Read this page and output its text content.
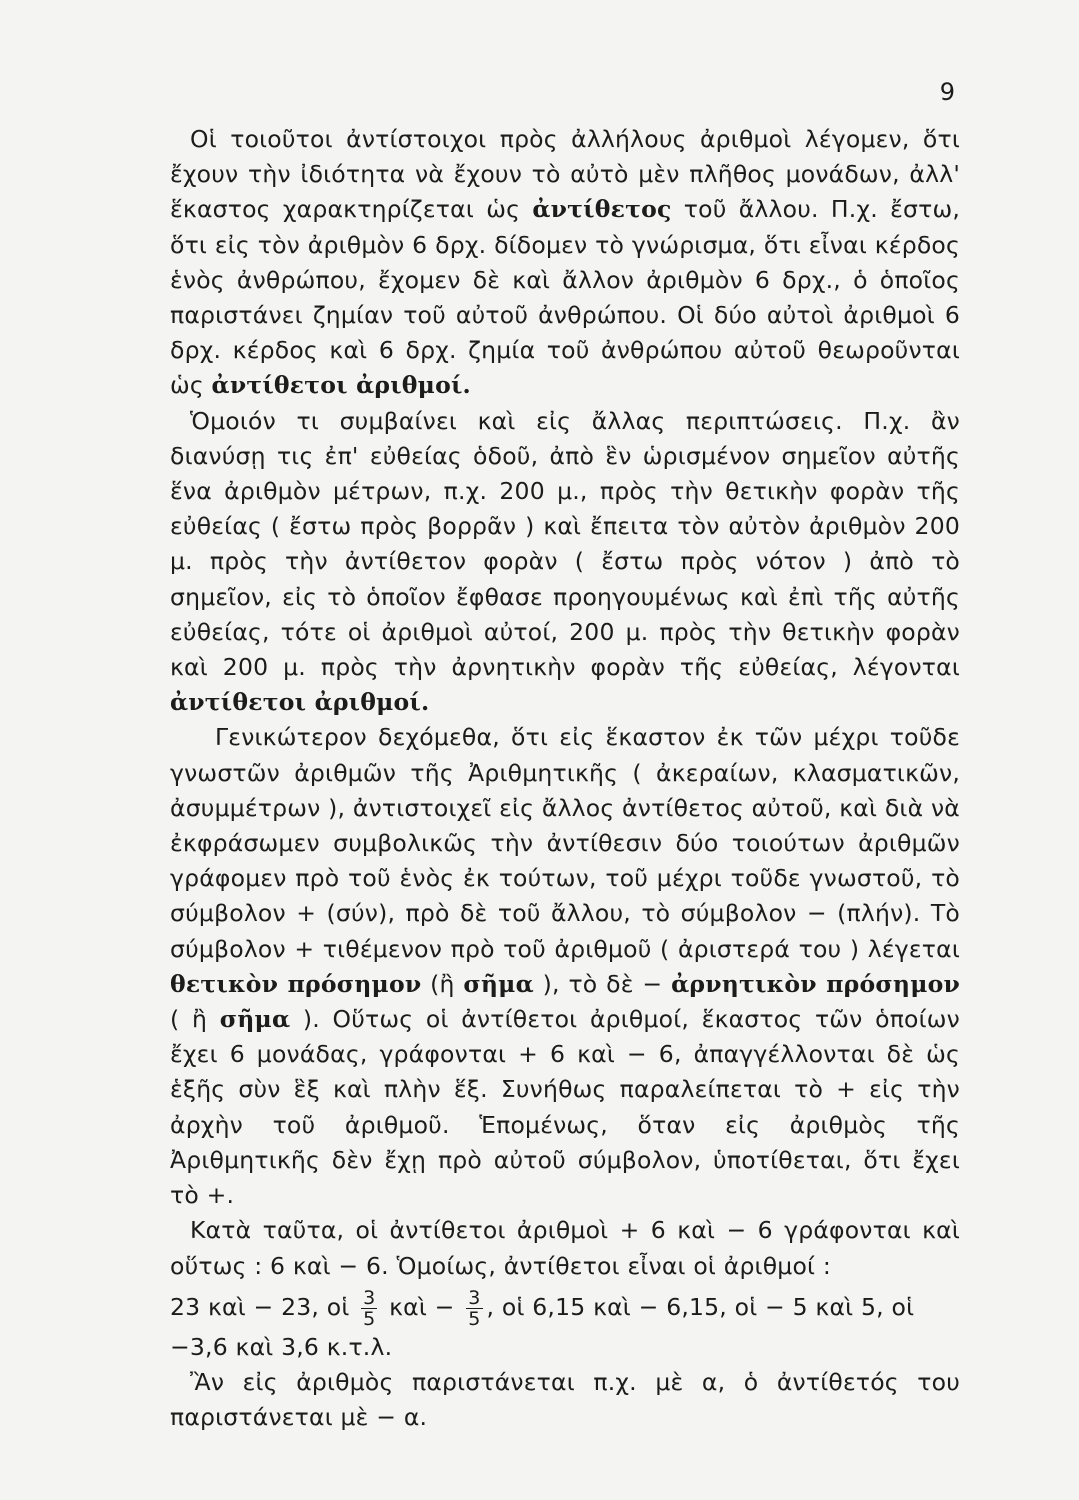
9

Οἱ τοιοῦτοι ἀντίστοιχοι πρὸς ἀλλήλους ἀριθμοὶ λέγομεν, ὅτι ἔχουν τὴν ἰδιότητα νὰ ἔχουν τὸ αὐτὸ μὲν πλῆθος μονάδων, ἀλλ' ἕκαστος χαρακτηρίζεται ὡς ἀντίθετος τοῦ ἄλλου. Π.χ. ἔστω, ὅτι εἰς τὸν ἀριθμὸν 6 δρχ. δίδομεν τὸ γνώρισμα, ὅτι εἶναι κέρδος ἑνὸς ἀνθρώπου, ἔχομεν δὲ καὶ ἄλλον ἀριθμὸν 6 δρχ., ὁ ὁποῖος παριστάνει ζημίαν τοῦ αὐτοῦ ἀνθρώπου. Οἱ δύο αὐτοὶ ἀριθμοὶ 6 δρχ. κέρδος καὶ 6 δρχ. ζημία τοῦ ἀνθρώπου αὐτοῦ θεωροῦνται ὡς ἀντίθετοι ἀριθμοί.

Ὁμοιόν τι συμβαίνει καὶ εἰς ἄλλας περιπτώσεις. Π.χ. ἂν διανύσῃ τις ἐπ' εὐθείας ὁδοῦ, ἀπὸ ἓν ὡρισμένον σημεῖον αὐτῆς ἕνα ἀριθμὸν μέτρων, π.χ. 200 μ., πρὸς τὴν θετικὴν φορὰν τῆς εὐθείας ( ἔστω πρὸς βορρᾶν ) καὶ ἔπειτα τὸν αὐτὸν ἀριθμὸν 200 μ. πρὸς τὴν ἀντίθετον φορὰν ( ἔστω πρὸς νότον ) ἀπὸ τὸ σημεῖον, εἰς τὸ ὁποῖον ἔφθασε προηγουμένως καὶ ἐπὶ τῆς αὐτῆς εὐθείας, τότε οἱ ἀριθμοὶ αὐτοί, 200 μ. πρὸς τὴν θετικὴν φορὰν καὶ 200 μ. πρὸς τὴν ἀρνητικὴν φορὰν τῆς εὐθείας, λέγονται ἀντίθετοι ἀριθμοί.

Γενικώτερον δεχόμεθα, ὅτι εἰς ἕκαστον ἐκ τῶν μέχρι τοῦδε γνωστῶν ἀριθμῶν τῆς Ἀριθμητικῆς ( ἀκεραίων, κλασματικῶν, ἀσυμμέτρων ), ἀντιστοιχεῖ εἰς ἄλλος ἀντίθετος αὐτοῦ, καὶ διὰ νὰ ἐκφράσωμεν συμβολικῶς τὴν ἀντίθεσιν δύο τοιούτων ἀριθμῶν γράφομεν πρὸ τοῦ ἑνὸς ἐκ τούτων, τοῦ μέχρι τοῦδε γνωστοῦ, τὸ σύμβολον + (σύν), πρὸ δὲ τοῦ ἄλλου, τὸ σύμβολον − (πλήν). Τὸ σύμβολον + τιθέμενον πρὸ τοῦ ἀριθμοῦ ( ἀριστερά του ) λέγεται θετικὸν πρόσημον (ἢ σῆμα ), τὸ δὲ − ἀρνητικὸν πρόσημον ( ἢ σῆμα ). Οὕτως οἱ ἀντίθετοι ἀριθμοί, ἕκαστος τῶν ὁποίων ἔχει 6 μονάδας, γράφονται + 6 καὶ − 6, ἀπαγγέλλονται δὲ ὡς ἑξῆς σὺν ἓξ καὶ πλὴν ἕξ. Συνήθως παραλείπεται τὸ + εἰς τὴν ἀρχὴν τοῦ ἀριθμοῦ. Ἑπομένως, ὅταν εἰς ἀριθμὸς τῆς Ἀριθμητικῆς δὲν ἔχῃ πρὸ αὐτοῦ σύμβολον, ὑποτίθεται, ὅτι ἔχει τὸ +.

Κατὰ ταῦτα, οἱ ἀντίθετοι ἀριθμοὶ + 6 καὶ − 6 γράφονται καὶ οὕτως : 6 καὶ − 6. Ὁμοίως, ἀντίθετοι εἶναι οἱ ἀριθμοί :

23 καὶ − 23, οἱ $\frac{3}{5}$ καὶ − $\frac{3}{5}$ , οἱ 6,15 καὶ − 6,15, οἱ − 5 καὶ 5, οἱ

−3,6 καὶ 3,6 κ.τ.λ.

Ἂν εἰς ἀριθμὸς παριστάνεται π.χ. μὲ α, ὁ ἀντίθετός του παριστάνεται μὲ − α.
